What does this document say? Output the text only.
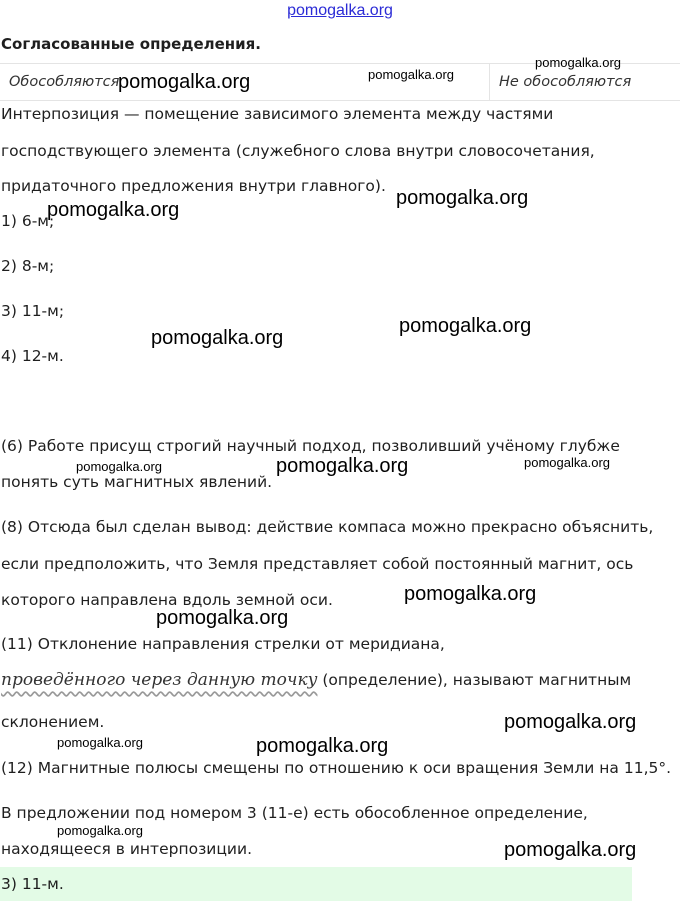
pomogalka.org
Согласованные определения.
Обособляются	Не обособляются
Интерпозиция — помещение зависимого элемента между частями
господствующего элемента (служебного слова внутри словосочетания,
придаточного предложения внутри главного).
1) 6-м;
2) 8-м;
3) 11-м;
4) 12-м.
(6) Работе присущ строгий научный подход, позволивший учёному глубже
понять суть магнитных явлений.
(8) Отсюда был сделан вывод: действие компаса можно прекрасно объяснить,
если предположить, что Земля представляет собой постоянный магнит, ось
которого направлена вдоль земной оси.
(11) Отклонение направления стрелки от меридиана,
проведённого через данную точку (определение), называют магнитным
склонением.
(12) Магнитные полюсы смещены по отношению к оси вращения Земли на 11,5°.
В предложении под номером 3 (11-е) есть обособленное определение,
находящееся в интерпозиции.
3) 11-м.
pomogalka.org	pomogalka.org
pomogalka.org
pomogalka.org
pomogalka.org
pomogalka.org
pomogalka.org
pomogalka.org	pomogalka.org	pomogalka.org
pomogalka.org
pomogalka.org
pomogalka.org
pomogalka.org	pomogalka.org
pomogalka.org
pomogalka.org
